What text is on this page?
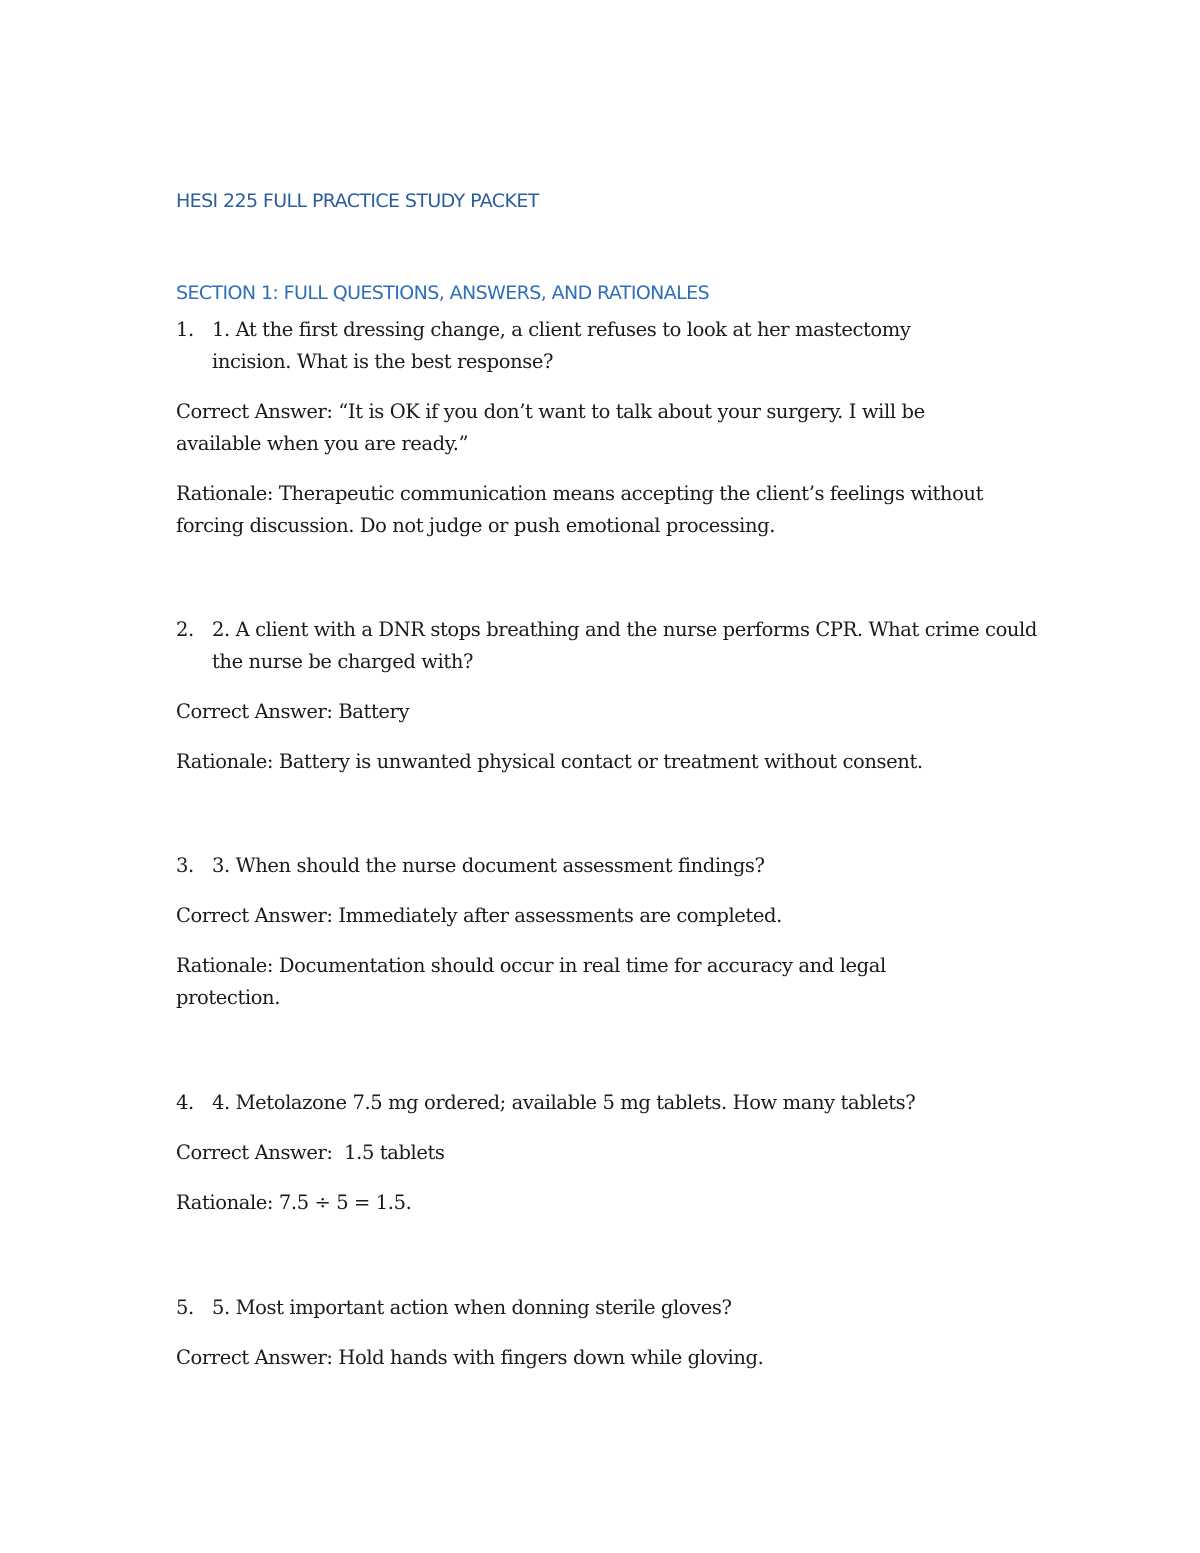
HESI 225 FULL PRACTICE STUDY PACKET
SECTION 1: FULL QUESTIONS, ANSWERS, AND RATIONALES

1. 1. At the first dressing change, a client refuses to look at her mastectomy incision. What is the best response?

Correct Answer: “It is OK if you don’t want to talk about your surgery. I will be available when you are ready.”

Rationale: Therapeutic communication means accepting the client’s feelings without forcing discussion. Do not judge or push emotional processing.

2. 2. A client with a DNR stops breathing and the nurse performs CPR. What crime could the nurse be charged with?

Correct Answer: Battery

Rationale: Battery is unwanted physical contact or treatment without consent.

3. 3. When should the nurse document assessment findings?

Correct Answer: Immediately after assessments are completed.

Rationale: Documentation should occur in real time for accuracy and legal protection.

4. 4. Metolazone 7.5 mg ordered; available 5 mg tablets. How many tablets?

Correct Answer:  1.5 tablets

Rationale: 7.5 ÷ 5 = 1.5.

5. 5. Most important action when donning sterile gloves?

Correct Answer: Hold hands with fingers down while gloving.
